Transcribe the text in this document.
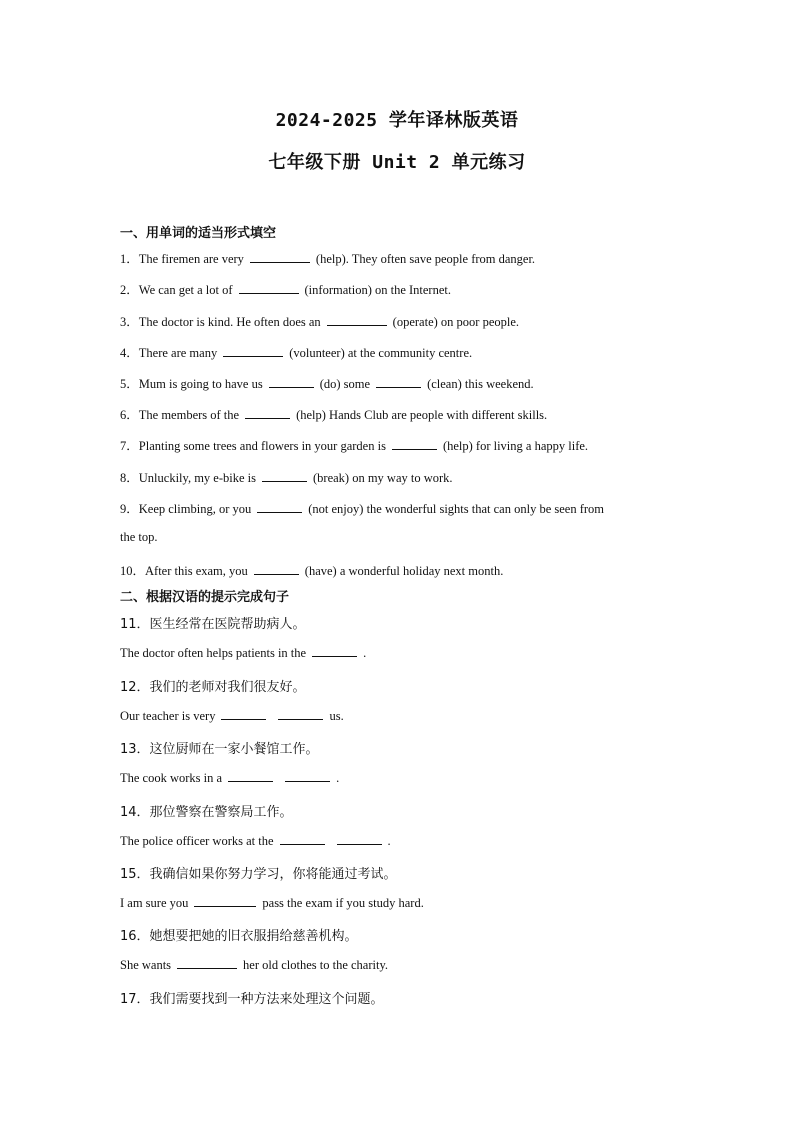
2024-2025 学年译林版英语
七年级下册 Unit 2 单元练习
一、用单词的适当形式填空
1．The firemen are very	(help). They often save people from danger.
2．We can get a lot of	(information) on the Internet.
3．The doctor is kind. He often does an	(operate) on poor people.
4．There are many	(volunteer) at the community centre.
5．Mum is going to have us	(do) some	(clean) this weekend.
6．The members of the	(help) Hands Club are people with different skills.
7．Planting some trees and flowers in your garden is	(help) for living a happy life.
8．Unluckily, my e-bike is	(break) on my way to work.
9．Keep climbing, or you	(not enjoy) the wonderful sights that can only be seen from
the top.
10．After this exam, you	(have) a wonderful holiday next month.
二、根据汉语的提示完成句子
11．医生经常在医院帮助病人。
The doctor often helps patients in the	.
12．我们的老师对我们很友好。
Our teacher is very	us.
13．这位厨师在一家小餐馆工作。
The cook works in a	.
14．那位警察在警察局工作。
The police officer works at the	.
15．我确信如果你努力学习，你将能通过考试。
I am sure you	pass the exam if you study hard.
16．她想要把她的旧衣服捐给慈善机构。
She wants	her old clothes to the charity.
17．我们需要找到一种方法来处理这个问题。
